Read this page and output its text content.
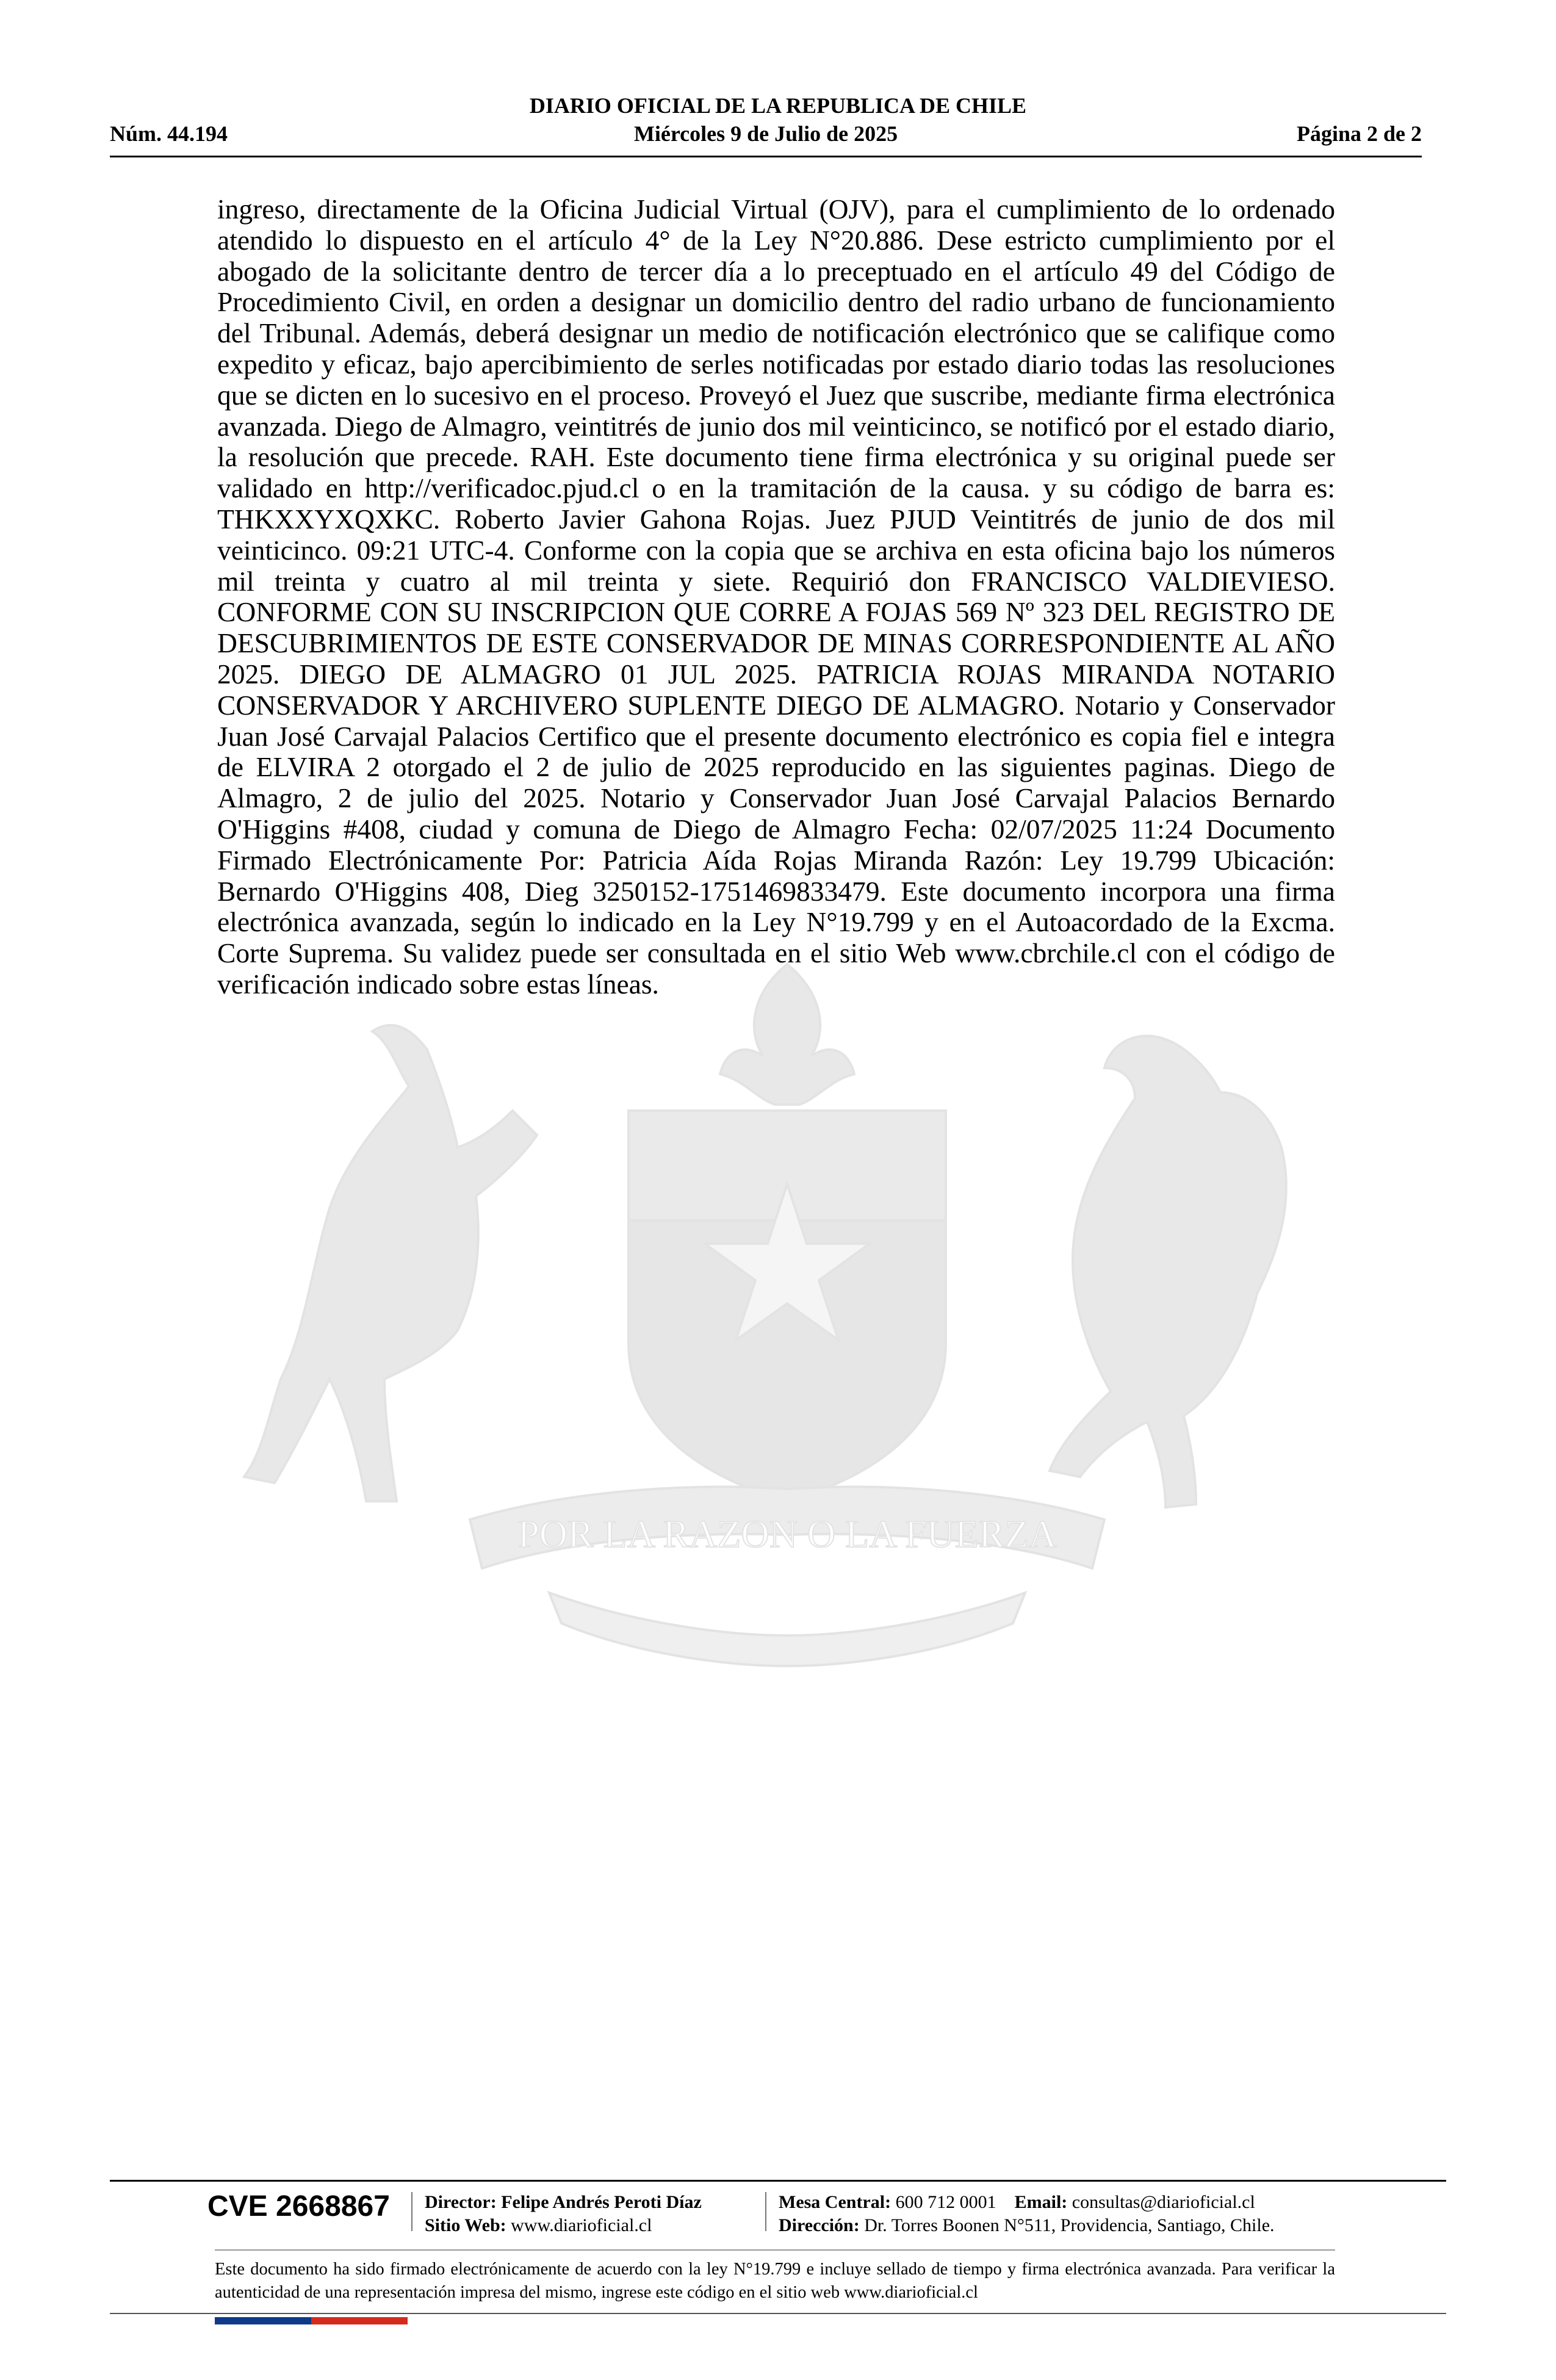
DIARIO OFICIAL DE LA REPUBLICA DE CHILE
Miércoles 9 de Julio de 2025
Núm. 44.194	Página 2 de 2
POR LA RAZON O LA FUERZA
ingreso, directamente de la Oficina Judicial Virtual (OJV), para el cumplimiento de lo ordenado atendido lo dispuesto en el artículo 4° de la Ley N°20.886. Dese estricto cumplimiento por el abogado de la solicitante dentro de tercer día a lo preceptuado en el artículo 49 del Código de Procedimiento Civil, en orden a designar un domicilio dentro del radio urbano de funcionamiento del Tribunal. Además, deberá designar un medio de notificación electrónico que se califique como expedito y eficaz, bajo apercibimiento de serles notificadas por estado diario todas las resoluciones que se dicten en lo sucesivo en el proceso. Proveyó el Juez que suscribe, mediante firma electrónica avanzada. Diego de Almagro, veintitrés de junio dos mil veinticinco, se notificó por el estado diario, la resolución que precede. RAH. Este documento tiene firma electrónica y su original puede ser validado en http://verificadoc.pjud.cl o en la tramitación de la causa. y su código de barra es: THKXXYXQXKC. Roberto Javier Gahona Rojas. Juez PJUD Veintitrés de junio de dos mil veinticinco. 09:21 UTC-4. Conforme con la copia que se archiva en esta oficina bajo los números mil treinta y cuatro al mil treinta y siete. Requirió don FRANCISCO VALDIEVIESO. CONFORME CON SU INSCRIPCION QUE CORRE A FOJAS 569 Nº 323 DEL REGISTRO DE DESCUBRIMIENTOS DE ESTE CONSERVADOR DE MINAS CORRESPONDIENTE AL AÑO 2025. DIEGO DE ALMAGRO 01 JUL 2025. PATRICIA ROJAS MIRANDA NOTARIO CONSERVADOR Y ARCHIVERO SUPLENTE DIEGO DE ALMAGRO. Notario y Conservador Juan José Carvajal Palacios Certifico que el presente documento electrónico es copia fiel e integra de ELVIRA 2 otorgado el 2 de julio de 2025 reproducido en las siguientes paginas. Diego de Almagro, 2 de julio del 2025. Notario y Conservador Juan José Carvajal Palacios Bernardo O'Higgins #408, ciudad y comuna de Diego de Almagro Fecha: 02/07/2025 11:24 Documento Firmado Electrónicamente Por: Patricia Aída Rojas Miranda Razón: Ley 19.799 Ubicación: Bernardo O'Higgins 408, Dieg 3250152-1751469833479. Este documento incorpora una firma electrónica avanzada, según lo indicado en la Ley N°19.799 y en el Autoacordado de la Excma. Corte Suprema. Su validez puede ser consultada en el sitio Web www.cbrchile.cl con el código de verificación indicado sobre estas líneas.
CVE 2668867 Director: Felipe Andrés Peroti Díaz
Sitio Web: www.diarioficial.cl
Mesa Central: 600 712 0001 Email: consultas@diarioficial.cl
Dirección: Dr. Torres Boonen N°511, Providencia, Santiago, Chile.
Este documento ha sido firmado electrónicamente de acuerdo con la ley N°19.799 e incluye sellado de tiempo y firma electrónica avanzada. Para verificar la autenticidad de una representación impresa del mismo, ingrese este código en el sitio web www.diarioficial.cl
